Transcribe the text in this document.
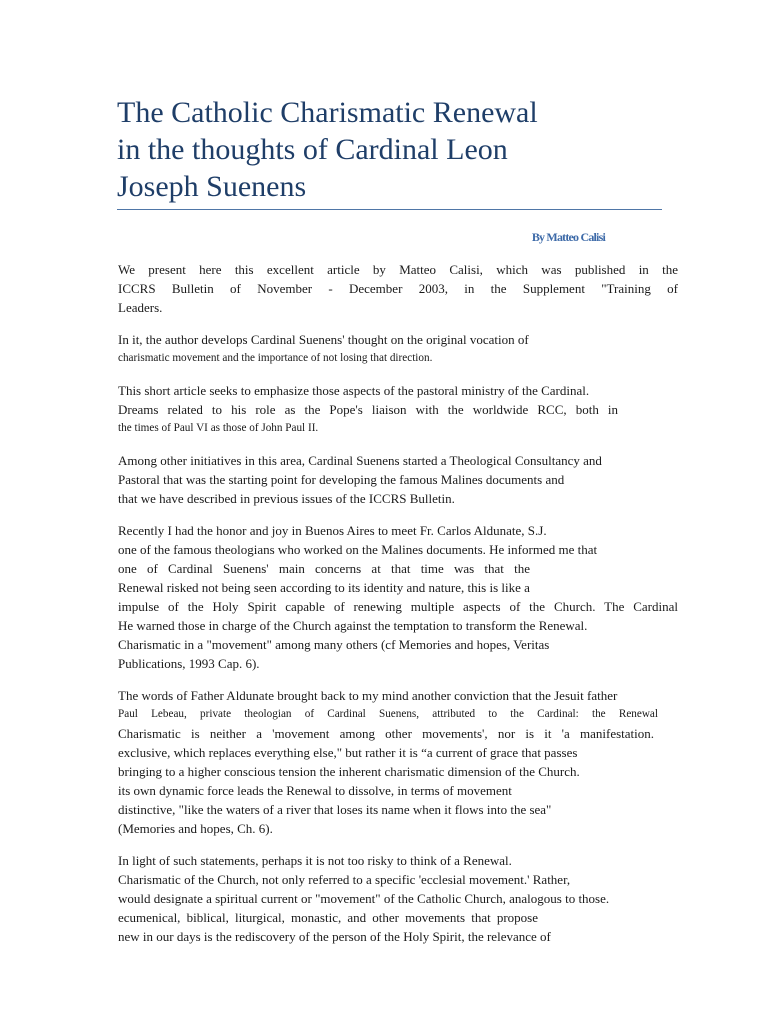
The Catholic Charismatic Renewal
in the thoughts of Cardinal Leon
Joseph Suenens
By Matteo Calisi

We present here this excellent article by Matteo Calisi, which was published in the
ICCRS Bulletin of November - December 2003, in the Supplement "Training of
Leaders.

In it, the author develops Cardinal Suenens' thought on the original vocation of
charismatic movement and the importance of not losing that direction.

This short article seeks to emphasize those aspects of the pastoral ministry of the Cardinal.
Dreams related to his role as the Pope's liaison with the worldwide RCC, both in
the times of Paul VI as those of John Paul II.

Among other initiatives in this area, Cardinal Suenens started a Theological Consultancy and
Pastoral that was the starting point for developing the famous Malines documents and
that we have described in previous issues of the ICCRS Bulletin.

Recently I had the honor and joy in Buenos Aires to meet Fr. Carlos Aldunate, S.J.
one of the famous theologians who worked on the Malines documents. He informed me that
one of Cardinal Suenens' main concerns at that time was that the
Renewal risked not being seen according to its identity and nature, this is like a
impulse of the Holy Spirit capable of renewing multiple aspects of the Church. The Cardinal
He warned those in charge of the Church against the temptation to transform the Renewal.
Charismatic in a "movement" among many others (cf Memories and hopes, Veritas
Publications, 1993 Cap. 6).

The words of Father Aldunate brought back to my mind another conviction that the Jesuit father
Paul Lebeau, private theologian of Cardinal Suenens, attributed to the Cardinal: the Renewal
Charismatic is neither a 'movement among other movements', nor is it 'a manifestation.
exclusive, which replaces everything else," but rather it is “a current of grace that passes
bringing to a higher conscious tension the inherent charismatic dimension of the Church.
its own dynamic force leads the Renewal to dissolve, in terms of movement
distinctive, "like the waters of a river that loses its name when it flows into the sea"
(Memories and hopes, Ch. 6).

In light of such statements, perhaps it is not too risky to think of a Renewal.
Charismatic of the Church, not only referred to a specific 'ecclesial movement.' Rather,
would designate a spiritual current or "movement" of the Catholic Church, analogous to those.
ecumenical, biblical, liturgical, monastic, and other movements that propose
new in our days is the rediscovery of the person of the Holy Spirit, the relevance of
